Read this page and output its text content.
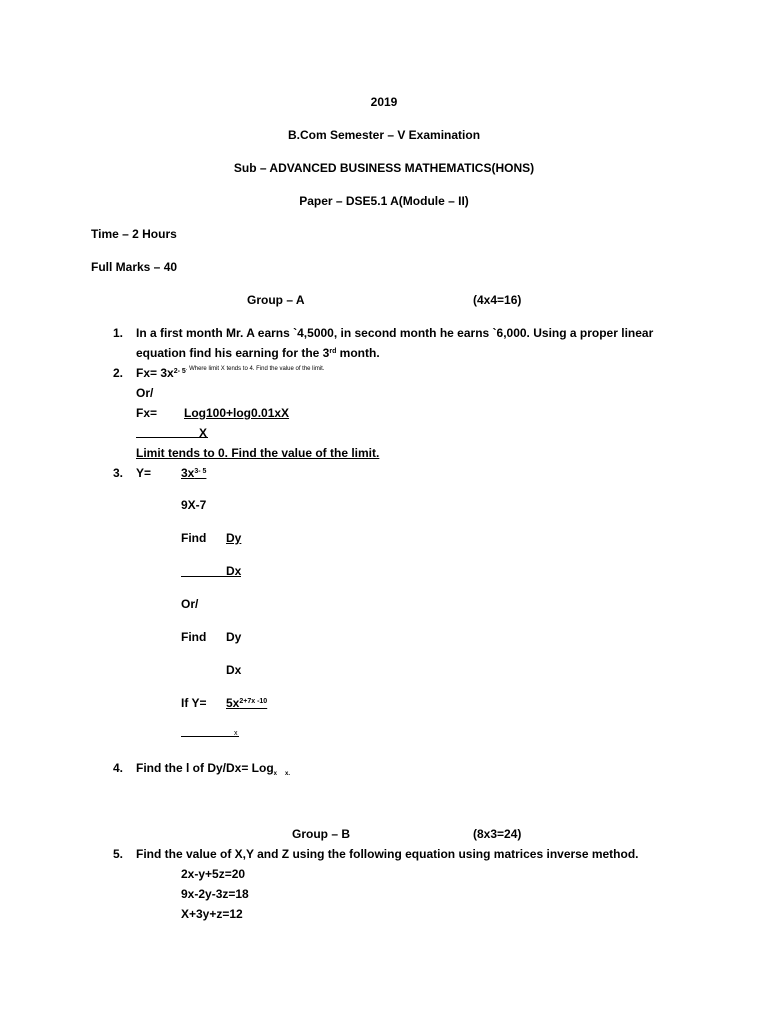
2019
B.Com Semester – V Examination
Sub – ADVANCED BUSINESS MATHEMATICS(HONS)
Paper – DSE5.1 A(Module – II)
Time – 2 Hours
Full Marks – 40
Group – A	(4x4=16)
1. In a first month Mr. A earns `4,5000, in second month he earns `6,000. Using a proper linear
equation find his earning for the 3rd month.
2. $Fx= 3x^{2- 5. Where limit X tends to 4. Find the value of the limit.}$
Or/
Fx= Log100+log0.01xX
X
Limit tends to 0. Find the value of the limit.
3. $Y= 3x^{3- 5}$
9X-7
Find Dy
Dx
Or/
Find Dy
Dx
If $Y= 5x^{2+7x -10}$
x
4. Find the l of Dy/Dx= Log$_x$ $_{x.}$
Group – B	(8x3=24)
5. Find the value of X,Y and Z using the following equation using matrices inverse method.
2x-y+5z=20
9x-2y-3z=18
X+3y+z=12
